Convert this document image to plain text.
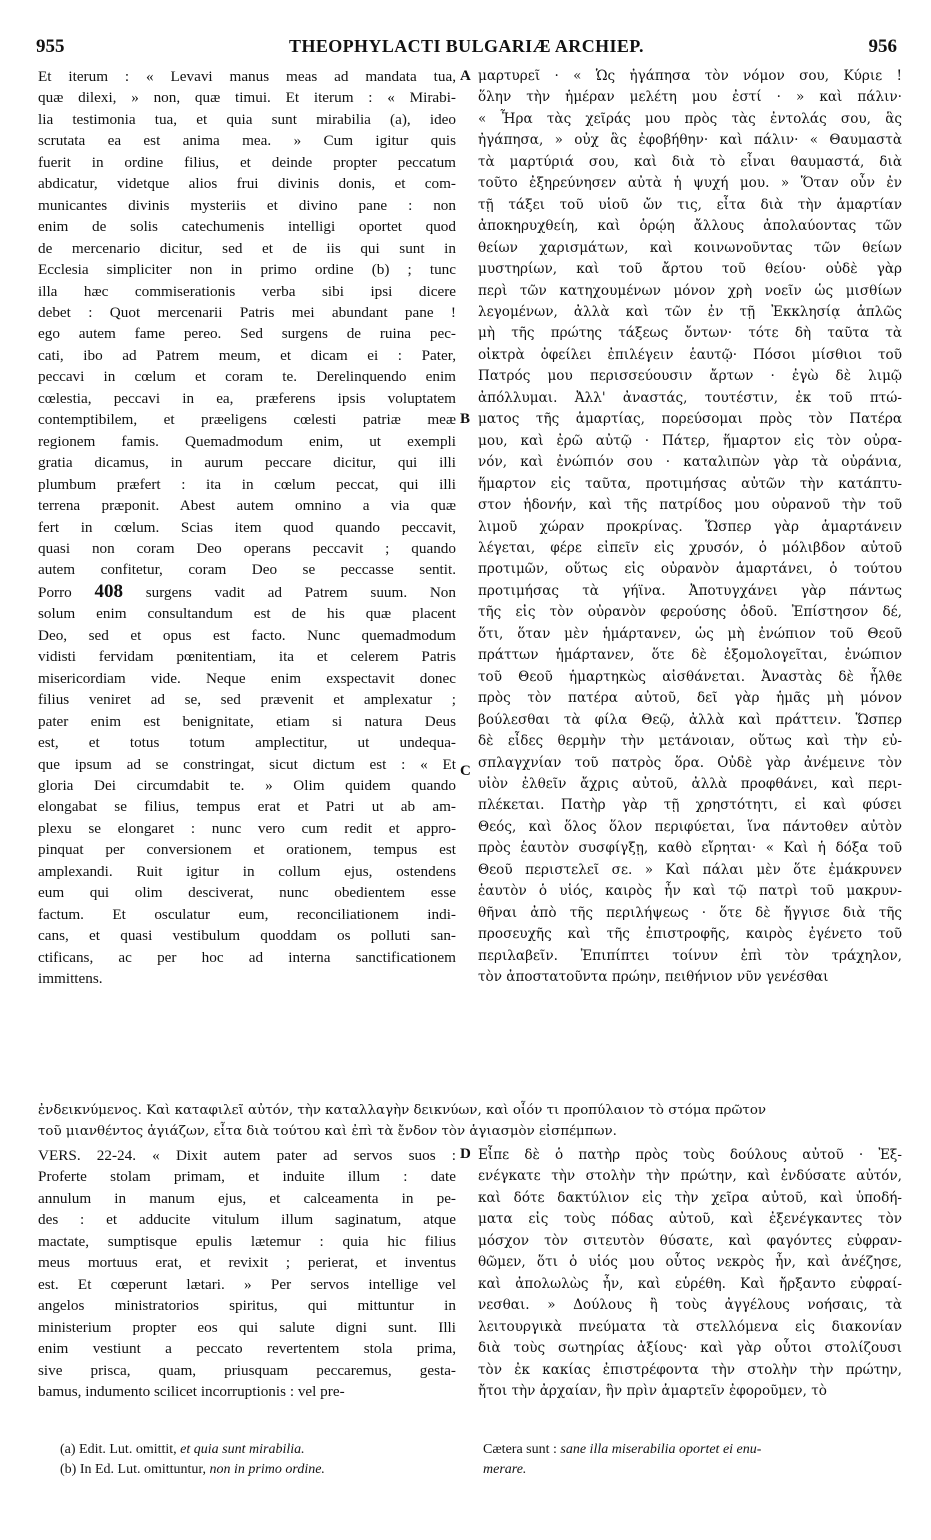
955	THEOPHYLACTI BULGARIÆ ARCHIEP.	956
Et iterum : « Levavi manus meas ad mandata tua,
quæ dilexi, » non, quæ timui. Et iterum : « Mirabi-
lia testimonia tua, et quia sunt mirabilia (a), ideo
scrutata ea est anima mea. » Cum igitur quis
fuerit in ordine filius, et deinde propter peccatum
abdicatur, videtque alios frui divinis donis, et com-
municantes divinis mysteriis et divino pane : non
enim de solis catechumenis intelligi oportet quod
de mercenario dicitur, sed et de iis qui sunt in
Ecclesia simpliciter non in primo ordine (b) ; tunc
illa hæc commiserationis verba sibi ipsi dicere
debet : Quot mercenarii Patris mei abundant pane !
ego autem fame pereo. Sed surgens de ruina pec-
cati, ibo ad Patrem meum, et dicam ei : Pater,
peccavi in cœlum et coram te. Derelinquendo enim
cœlestia, peccavi in ea, præferens ipsis voluptatem
contemptibilem, et præeligens cœlesti patriæ meæ
regionem famis. Quemadmodum enim, ut exempli
gratia dicamus, in aurum peccare dicitur, qui illi
plumbum præfert : ita in cœlum peccat, qui illi
terrena præponit. Abest autem omnino a via quæ
fert in cœlum. Scias item quod quando peccavit,
quasi non coram Deo operans peccavit ; quando
autem confitetur, coram Deo se peccasse sentit.
Porro 408 surgens vadit ad Patrem suum. Non
solum enim consultandum est de his quæ placent
Deo, sed et opus est facto. Nunc quemadmodum
vidisti fervidam pœnitentiam, ita et celerem Patris
misericordiam vide. Neque enim exspectavit donec
filius veniret ad se, sed prævenit et amplexatur ;
pater enim est benignitate, etiam si natura Deus
est, et totus totum amplectitur, ut undequa-
que ipsum ad se constringat, sicut dictum est : « Et
gloria Dei circumdabit te. » Olim quidem quando
elongabat se filius, tempus erat et Patri ut ab am-
plexu se elongaret : nunc vero cum redit et appro-
pinquat per conversionem et orationem, tempus est
amplexandi. Ruit igitur in collum ejus, ostendens
eum qui olim desciverat, nunc obedientem esse
factum. Et osculatur eum, reconciliationem indi-
cans, et quasi vestibulum quoddam os polluti san-
ctificans, ac per hoc ad interna sanctificationem
immittens.
μαρτυρεῖ · « Ὡς ἠγάπησα τὸν νόμον σου, Κύριε !
ὅλην τὴν ἡμέραν μελέτη μου ἐστί · » καὶ πάλιν·
« Ἦρα τὰς χεῖράς μου πρὸς τὰς ἐντολάς σου, ἃς
ἠγάπησα, » οὐχ ἃς ἐφοβήθην· καὶ πάλιν· « Θαυμαστὰ
τὰ μαρτύριά σου, καὶ διὰ τὸ εἶναι θαυμαστά, διὰ
τοῦτο ἐξηρεύνησεν αὐτὰ ἡ ψυχή μου. » Ὅταν οὖν ἐν
τῇ τάξει τοῦ υἱοῦ ὤν τις, εἶτα διὰ τὴν ἁμαρτίαν
ἀποκηρυχθείη, καὶ ὁρῴη ἄλλους ἀπολαύοντας τῶν
θείων χαρισμάτων, καὶ κοινωνοῦντας τῶν θείων
μυστηρίων, καὶ τοῦ ἄρτου τοῦ θείου· οὐδὲ γὰρ
περὶ τῶν κατηχουμένων μόνον χρὴ νοεῖν ὡς μισθίων
λεγομένων, ἀλλὰ καὶ τῶν ἐν τῇ Ἐκκλησίᾳ ἁπλῶς
μὴ τῆς πρώτης τάξεως ὄντων· τότε δὴ ταῦτα τὰ
οἰκτρὰ ὀφείλει ἐπιλέγειν ἑαυτῷ· Πόσοι μίσθιοι τοῦ
Πατρός μου περισσεύουσιν ἄρτων · ἐγὼ δὲ λιμῷ
ἀπόλλυμαι. Ἀλλ' ἀναστάς, τουτέστιν, ἐκ τοῦ πτώ-
ματος τῆς ἁμαρτίας, πορεύσομαι πρὸς τὸν Πατέρα
μου, καὶ ἐρῶ αὐτῷ · Πάτερ, ἥμαρτον εἰς τὸν οὐρα-
νόν, καὶ ἐνώπιόν σου · καταλιπὼν γὰρ τὰ οὐράνια,
ἥμαρτον εἰς ταῦτα, προτιμήσας αὐτῶν τὴν κατάπτυ-
στον ἡδονήν, καὶ τῆς πατρίδος μου οὐρανοῦ τὴν τοῦ
λιμοῦ χώραν προκρίνας. Ὥσπερ γὰρ ἁμαρτάνειν
λέγεται, φέρε εἰπεῖν εἰς χρυσόν, ὁ μόλιβδον αὐτοῦ
προτιμῶν, οὕτως εἰς οὐρανὸν ἁμαρτάνει, ὁ τούτου
προτιμήσας τὰ γήϊνα. Ἀποτυγχάνει γὰρ πάντως
τῆς εἰς τὸν οὐρανὸν φερούσης ὁδοῦ. Ἐπίστησον δέ,
ὅτι, ὅταν μὲν ἡμάρτανεν, ὡς μὴ ἐνώπιον τοῦ Θεοῦ
πράττων ἡμάρτανεν, ὅτε δὲ ἐξομολογεῖται, ἐνώπιον
τοῦ Θεοῦ ἡμαρτηκὼς αἰσθάνεται. Ἀναστὰς δὲ ἦλθε
πρὸς τὸν πατέρα αὐτοῦ, δεῖ γὰρ ἡμᾶς μὴ μόνον
βούλεσθαι τὰ φίλα Θεῷ, ἀλλὰ καὶ πράττειν. Ὥσπερ
δὲ εἶδες θερμὴν τὴν μετάνοιαν, οὕτως καὶ τὴν εὐ-
σπλαγχνίαν τοῦ πατρὸς ὅρα. Οὐδὲ γὰρ ἀνέμεινε τὸν
υἱὸν ἐλθεῖν ἄχρις αὐτοῦ, ἀλλὰ προφθάνει, καὶ περι-
πλέκεται. Πατὴρ γὰρ τῇ χρηστότητι, εἰ καὶ φύσει
Θεός, καὶ ὅλος ὅλον περιφύεται, ἵνα πάντοθεν αὐτὸν
πρὸς ἑαυτὸν συσφίγξῃ, καθὸ εἴρηται· « Καὶ ἡ δόξα τοῦ
Θεοῦ περιστελεῖ σε. » Καὶ πάλαι μὲν ὅτε ἐμάκρυνεν
ἑαυτὸν ὁ υἱός, καιρὸς ἦν καὶ τῷ πατρὶ τοῦ μακρυν-
θῆναι ἀπὸ τῆς περιλήψεως · ὅτε δὲ ἤγγισε διὰ τῆς
προσευχῆς καὶ τῆς ἐπιστροφῆς, καιρὸς ἐγένετο τοῦ
περιλαβεῖν. Ἐπιπίπτει τοίνυν ἐπὶ τὸν τράχηλον,
τὸν ἀποστατοῦντα πρώην, πειθήνιον νῦν γενέσθαι
A
B
C
D
ἐνδεικνύμενος. Καὶ καταφιλεῖ αὐτόν, τὴν καταλλαγὴν δεικνύων, καὶ οἷόν τι προπύλαιον τὸ στόμα πρῶτον
τοῦ μιανθέντος ἁγιάζων, εἶτα διὰ τούτου καὶ ἐπὶ τὰ ἔνδον τὸν ἁγιασμὸν εἰσπέμπων.
VERS. 22-24. « Dixit autem pater ad servos suos :
Proferte stolam primam, et induite illum : date
annulum in manum ejus, et calceamenta in pe-
des : et adducite vitulum illum saginatum, atque
mactate, sumptisque epulis lætemur : quia hic filius
meus mortuus erat, et revixit ; perierat, et inventus
est. Et cœperunt lætari. » Per servos intellige vel
angelos ministratorios spiritus, qui mittuntur in
ministerium propter eos qui salute digni sunt. Illi
enim vestiunt a peccato revertentem stola prima,
sive prisca, quam, priusquam peccaremus, gesta-
bamus, indumento scilicet incorruptionis : vel pre-
Εἶπε δὲ ὁ πατὴρ πρὸς τοὺς δούλους αὐτοῦ · Ἐξ-
ενέγκατε τὴν στολὴν τὴν πρώτην, καὶ ἐνδύσατε αὐτόν,
καὶ δότε δακτύλιον εἰς τὴν χεῖρα αὐτοῦ, καὶ ὑποδή-
ματα εἰς τοὺς πόδας αὐτοῦ, καὶ ἐξενέγκαντες τὸν
μόσχον τὸν σιτευτὸν θύσατε, καὶ φαγόντες εὐφραν-
θῶμεν, ὅτι ὁ υἱός μου οὗτος νεκρὸς ἦν, καὶ ἀνέζησε,
καὶ ἀπολωλὼς ἦν, καὶ εὑρέθη. Καὶ ἤρξαντο εὐφραί-
νεσθαι. » Δούλους ἢ τοὺς ἀγγέλους νοήσαις, τὰ
λειτουργικὰ πνεύματα τὰ στελλόμενα εἰς διακονίαν
διὰ τοὺς σωτηρίας ἀξίους· καὶ γὰρ οὗτοι στολίζουσι
τὸν ἐκ κακίας ἐπιστρέφοντα τὴν στολὴν τὴν πρώτην,
ἤτοι τὴν ἀρχαίαν, ἣν πρὶν ἁμαρτεῖν ἐφοροῦμεν, τὸ
(a) Edit. Lut. omittit, et quia sunt mirabilia.
(b) In Ed. Lut. omittuntur, non in primo ordine.
Cætera sunt : sane illa miserabilia oportet ei enu-
merare.
